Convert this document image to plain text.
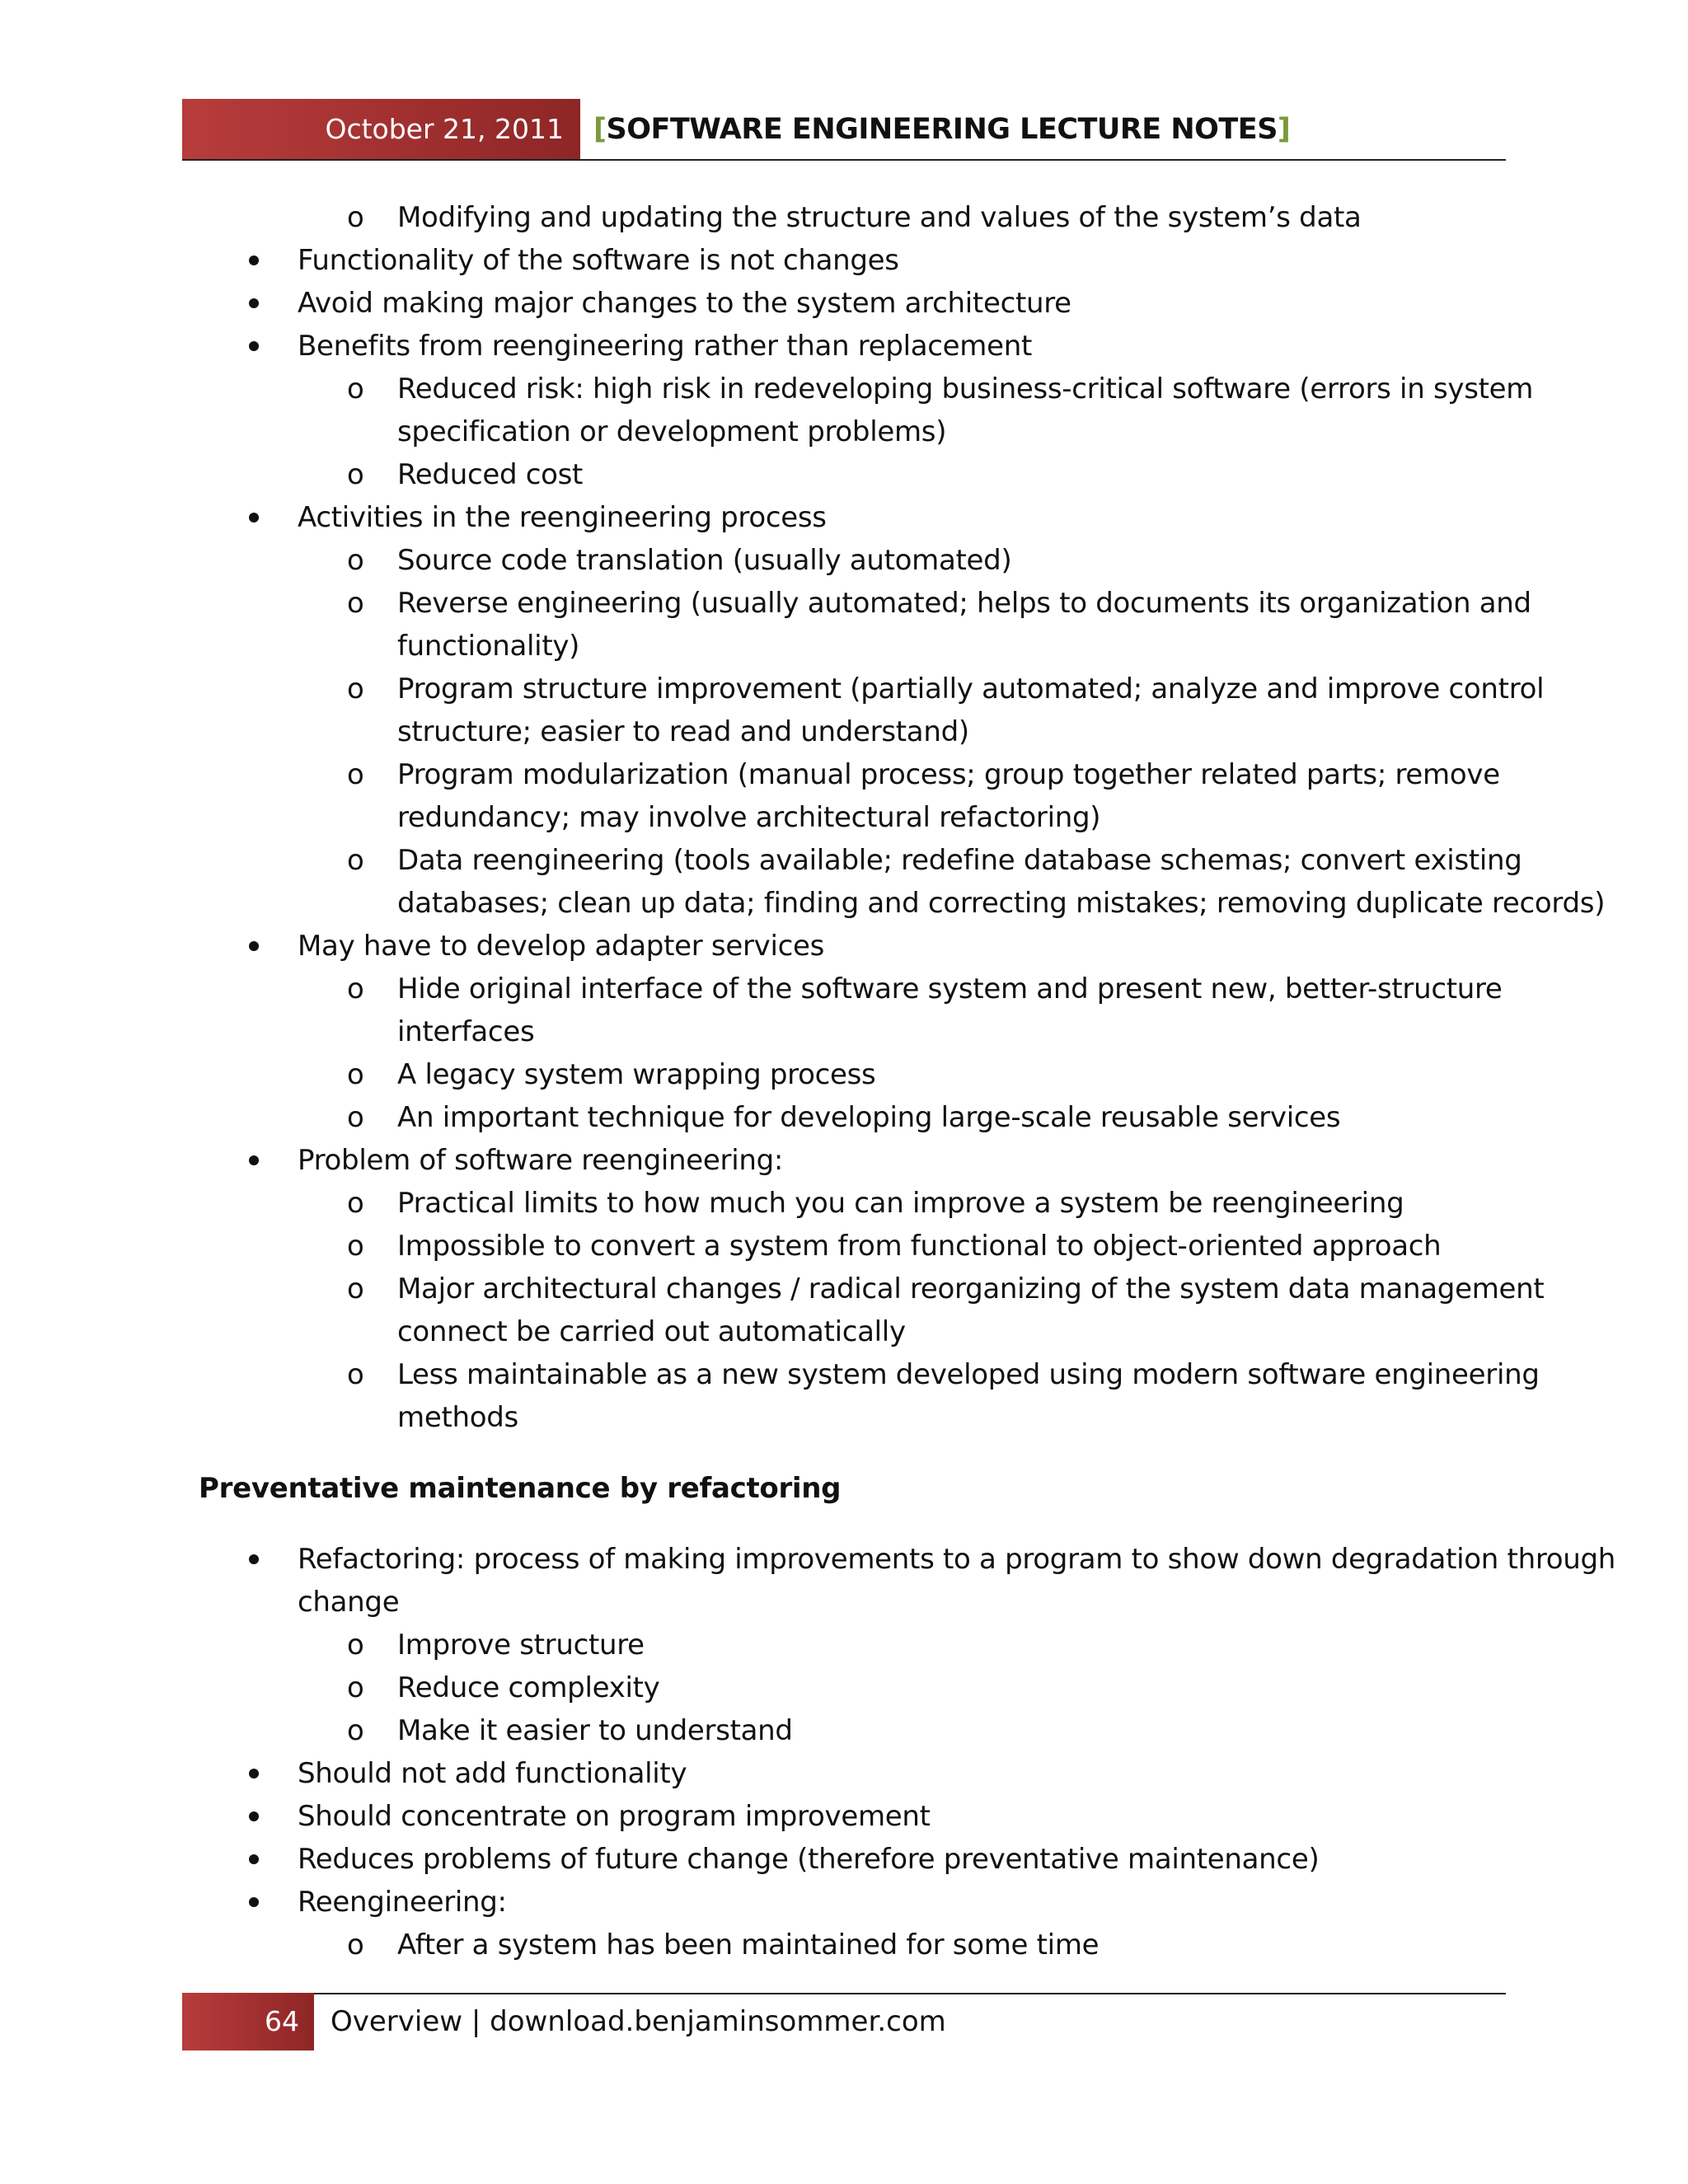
October 21, 2011	[SOFTWARE ENGINEERING LECTURE NOTES]
Modifying and updating the structure and values of the system’s data
o
Functionality of the software is not changes
Avoid making major changes to the system architecture
Benefits from reengineering rather than replacement
Reduced risk: high risk in redeveloping business-critical software (errors in system
o
specification or development problems)
Reduced cost
o
Activities in the reengineering process
Source code translation (usually automated)
o
Reverse engineering (usually automated; helps to documents its organization and
o
functionality)
Program structure improvement (partially automated; analyze and improve control
o
structure; easier to read and understand)
Program modularization (manual process; group together related parts; remove
o
redundancy; may involve architectural refactoring)
Data reengineering (tools available; redefine database schemas; convert existing
o
databases; clean up data; finding and correcting mistakes; removing duplicate records)
May have to develop adapter services
Hide original interface of the software system and present new, better-structure
o
interfaces
A legacy system wrapping process
o
An important technique for developing large-scale reusable services
o
Problem of software reengineering:
Practical limits to how much you can improve a system be reengineering
o
Impossible to convert a system from functional to object-oriented approach
o
Major architectural changes / radical reorganizing of the system data management
o
connect be carried out automatically
Less maintainable as a new system developed using modern software engineering
o
methods
Preventative maintenance by refactoring
Refactoring: process of making improvements to a program to show down degradation through
change
Improve structure
o
Reduce complexity
o
Make it easier to understand
o
Should not add functionality
Should concentrate on program improvement
Reduces problems of future change (therefore preventative maintenance)
Reengineering:
After a system has been maintained for some time
o
64	Overview | download.benjaminsommer.com
